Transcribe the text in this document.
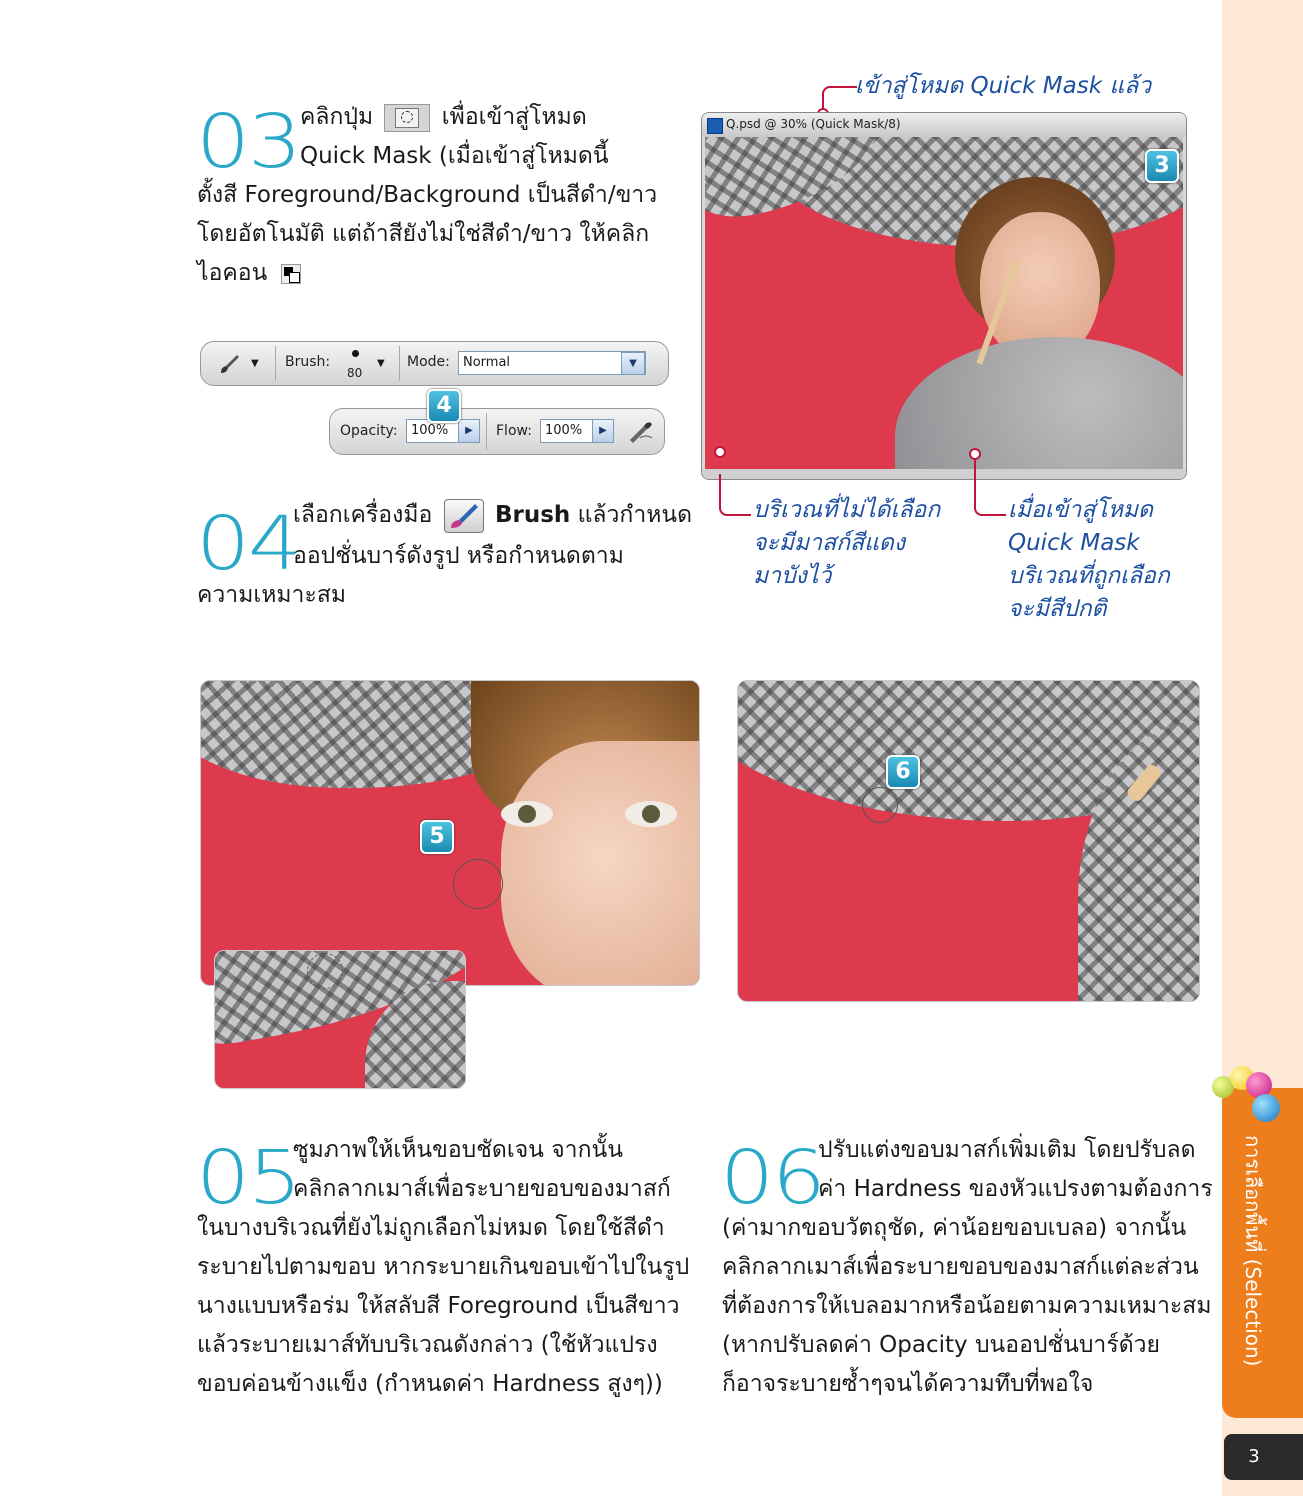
การเลือกพื้นที่ (Selection)
3
03 คลิกปุ่ม	เพื่อเข้าสู่โหมด
Quick Mask (เมื่อเข้าสู่โหมดนี้
ตั้งสี Foreground/Background เป็นสีดำ/ขาว
โดยอัตโนมัติ แต่ถ้าสียังไม่ใช่สีดำ/ขาว ให้คลิก
ไอคอน
▼ Brush:
80
▼ Mode:	Normal	▼
Opacity:	100%	▶	Flow:	100%	▶
4
04
เลือกเครื่องมือ	Brush แล้วกำหนด
ออปชั่นบาร์ดังรูป หรือกำหนดตาม
ความเหมาะสม
เข้าสู่โหมด Quick Mask แล้ว
Q.psd @ 30% (Quick Mask/8)
3
บริเวณที่ไม่ได้เลือก
จะมีมาสก์สีแดง
มาบังไว้
เมื่อเข้าสู่โหมด
Quick Mask
บริเวณที่ถูกเลือก
จะมีสีปกติ
5
6
05
ซูมภาพให้เห็นขอบชัดเจน จากนั้น
คลิกลากเมาส์เพื่อระบายขอบของมาสก์
ในบางบริเวณที่ยังไม่ถูกเลือกไม่หมด โดยใช้สีดำ
ระบายไปตามขอบ หากระบายเกินขอบเข้าไปในรูป
นางแบบหรือร่ม ให้สลับสี Foreground เป็นสีขาว
แล้วระบายเมาส์ทับบริเวณดังกล่าว (ใช้หัวแปรง
ขอบค่อนข้างแข็ง (กำหนดค่า Hardness สูงๆ))
06
ปรับแต่งขอบมาสก์เพิ่มเติม โดยปรับลด
ค่า Hardness ของหัวแปรงตามต้องการ
(ค่ามากขอบวัตถุชัด, ค่าน้อยขอบเบลอ) จากนั้น
คลิกลากเมาส์เพื่อระบายขอบของมาสก์แต่ละส่วน
ที่ต้องการให้เบลอมากหรือน้อยตามความเหมาะสม
(หากปรับลดค่า Opacity บนออปชั่นบาร์ด้วย
ก็อาจระบายซ้ำๆจนได้ความทึบที่พอใจ
